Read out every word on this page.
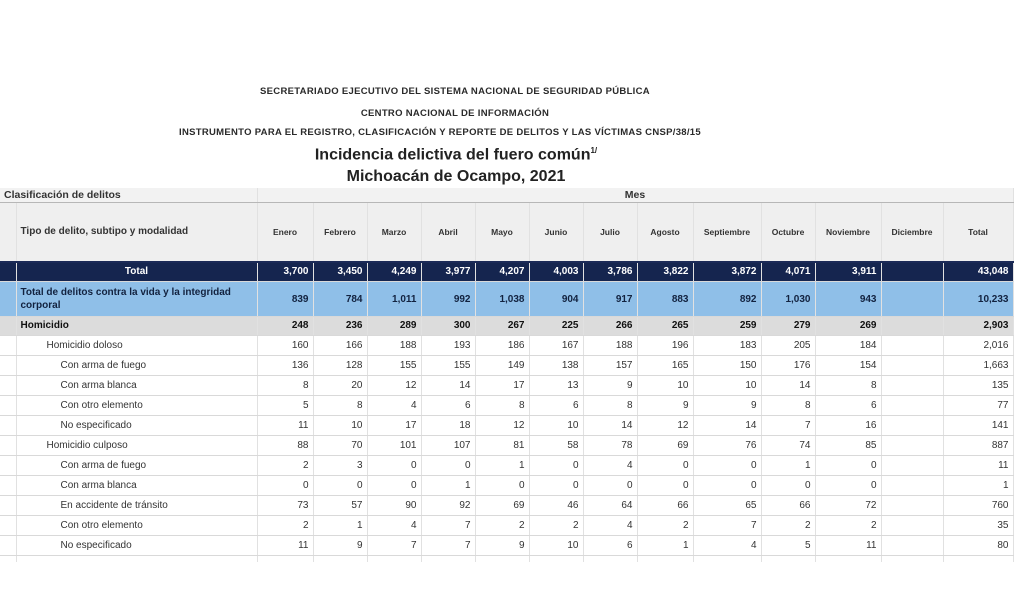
SECRETARIADO EJECUTIVO DEL SISTEMA NACIONAL DE SEGURIDAD PÚBLICA
CENTRO NACIONAL DE INFORMACIÓN
INSTRUMENTO PARA EL REGISTRO, CLASIFICACIÓN Y REPORTE DE DELITOS Y LAS VÍCTIMAS CNSP/38/15
Incidencia delictiva del fuero común$^{1/}$
Michoacán de Ocampo, 2021
Clasificación de delitos		Mes												
	Tipo de delito, subtipo y modalidad	Enero	Febrero	Marzo	Abril	Mayo	Junio	Julio	Agosto	Septiembre	Octubre	Noviembre	Diciembre	Total
	Total	3,700	3,450	4,249	3,977	4,207	4,003	3,786	3,822	3,872	4,071	3,911		43,048
	Total de delitos contra la vida y la integridad corporal	839	784	1,011	992	1,038	904	917	883	892	1,030	943		10,233
	Homicidio	248	236	289	300	267	225	266	265	259	279	269		2,903
	Homicidio doloso	160	166	188	193	186	167	188	196	183	205	184		2,016
	Con arma de fuego	136	128	155	155	149	138	157	165	150	176	154		1,663
	Con arma blanca	8	20	12	14	17	13	9	10	10	14	8		135
	Con otro elemento	5	8	4	6	8	6	8	9	9	8	6		77
	No especificado	11	10	17	18	12	10	14	12	14	7	16		141
	Homicidio culposo	88	70	101	107	81	58	78	69	76	74	85		887
	Con arma de fuego	2	3	0	0	1	0	4	0	0	1	0		11
	Con arma blanca	0	0	0	1	0	0	0	0	0	0	0		1
	En accidente de tránsito	73	57	90	92	69	46	64	66	65	66	72		760
	Con otro elemento	2	1	4	7	2	2	4	2	7	2	2		35
	No especificado	11	9	7	7	9	10	6	1	4	5	11		80
